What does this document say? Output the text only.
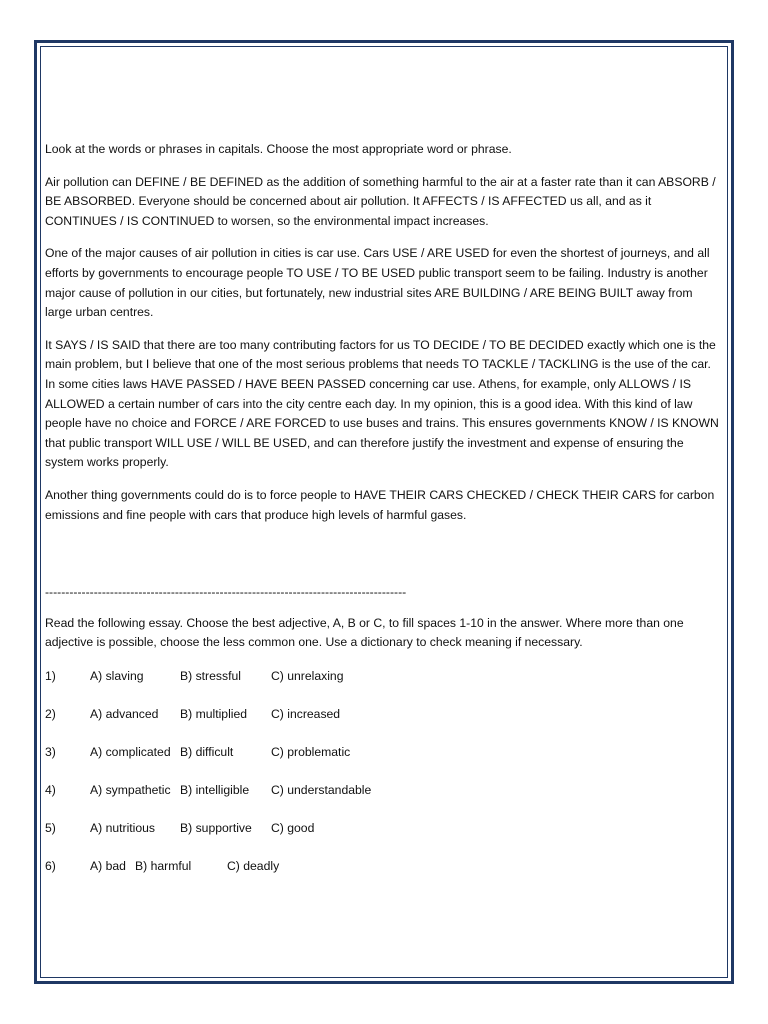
Look at the words or phrases in capitals. Choose the most appropriate word or phrase.

Air pollution can DEFINE / BE DEFINED as the addition of something harmful to the air at a faster rate than it can ABSORB / BE ABSORBED. Everyone should be concerned about air pollution. It AFFECTS / IS AFFECTED us all, and as it CONTINUES / IS CONTINUED to worsen, so the environmental impact increases.

One of the major causes of air pollution in cities is car use. Cars USE / ARE USED for even the shortest of journeys, and all efforts by governments to encourage people TO USE / TO BE USED public transport seem to be failing. Industry is another major cause of pollution in our cities, but fortunately, new industrial sites ARE BUILDING / ARE BEING BUILT away from large urban centres.

It SAYS / IS SAID that there are too many contributing factors for us TO DECIDE / TO BE DECIDED exactly which one is the main problem, but I believe that one of the most serious problems that needs TO TACKLE / TACKLING is the use of the car. In some cities laws HAVE PASSED / HAVE BEEN PASSED concerning car use. Athens, for example, only ALLOWS / IS ALLOWED a certain number of cars into the city centre each day. In my opinion, this is a good idea. With this kind of law people have no choice and FORCE / ARE FORCED to use buses and trains. This ensures governments KNOW / IS KNOWN that public transport WILL USE / WILL BE USED, and can therefore justify the investment and expense of ensuring the system works properly.

Another thing governments could do is to force people to HAVE THEIR CARS CHECKED / CHECK THEIR CARS for carbon emissions and fine people with cars that produce high levels of harmful gases.

-----------------------------------------------------------------------------------------

Read the following essay. Choose the best adjective, A, B or C, to fill spaces 1-10 in the answer. Where more than one adjective is possible, choose the less common one. Use a dictionary to check meaning if necessary.

1)	A) slaving	B) stressful C) unrelaxing
2)	A) advanced B) multiplied C) increased
3)	A) complicated B) difficult	C) problematic
4)	A) sympathetic B) intelligible C) understandable
5)	A) nutritious B) supportive C) good
6)	A) bad B) harmful	C) deadly
